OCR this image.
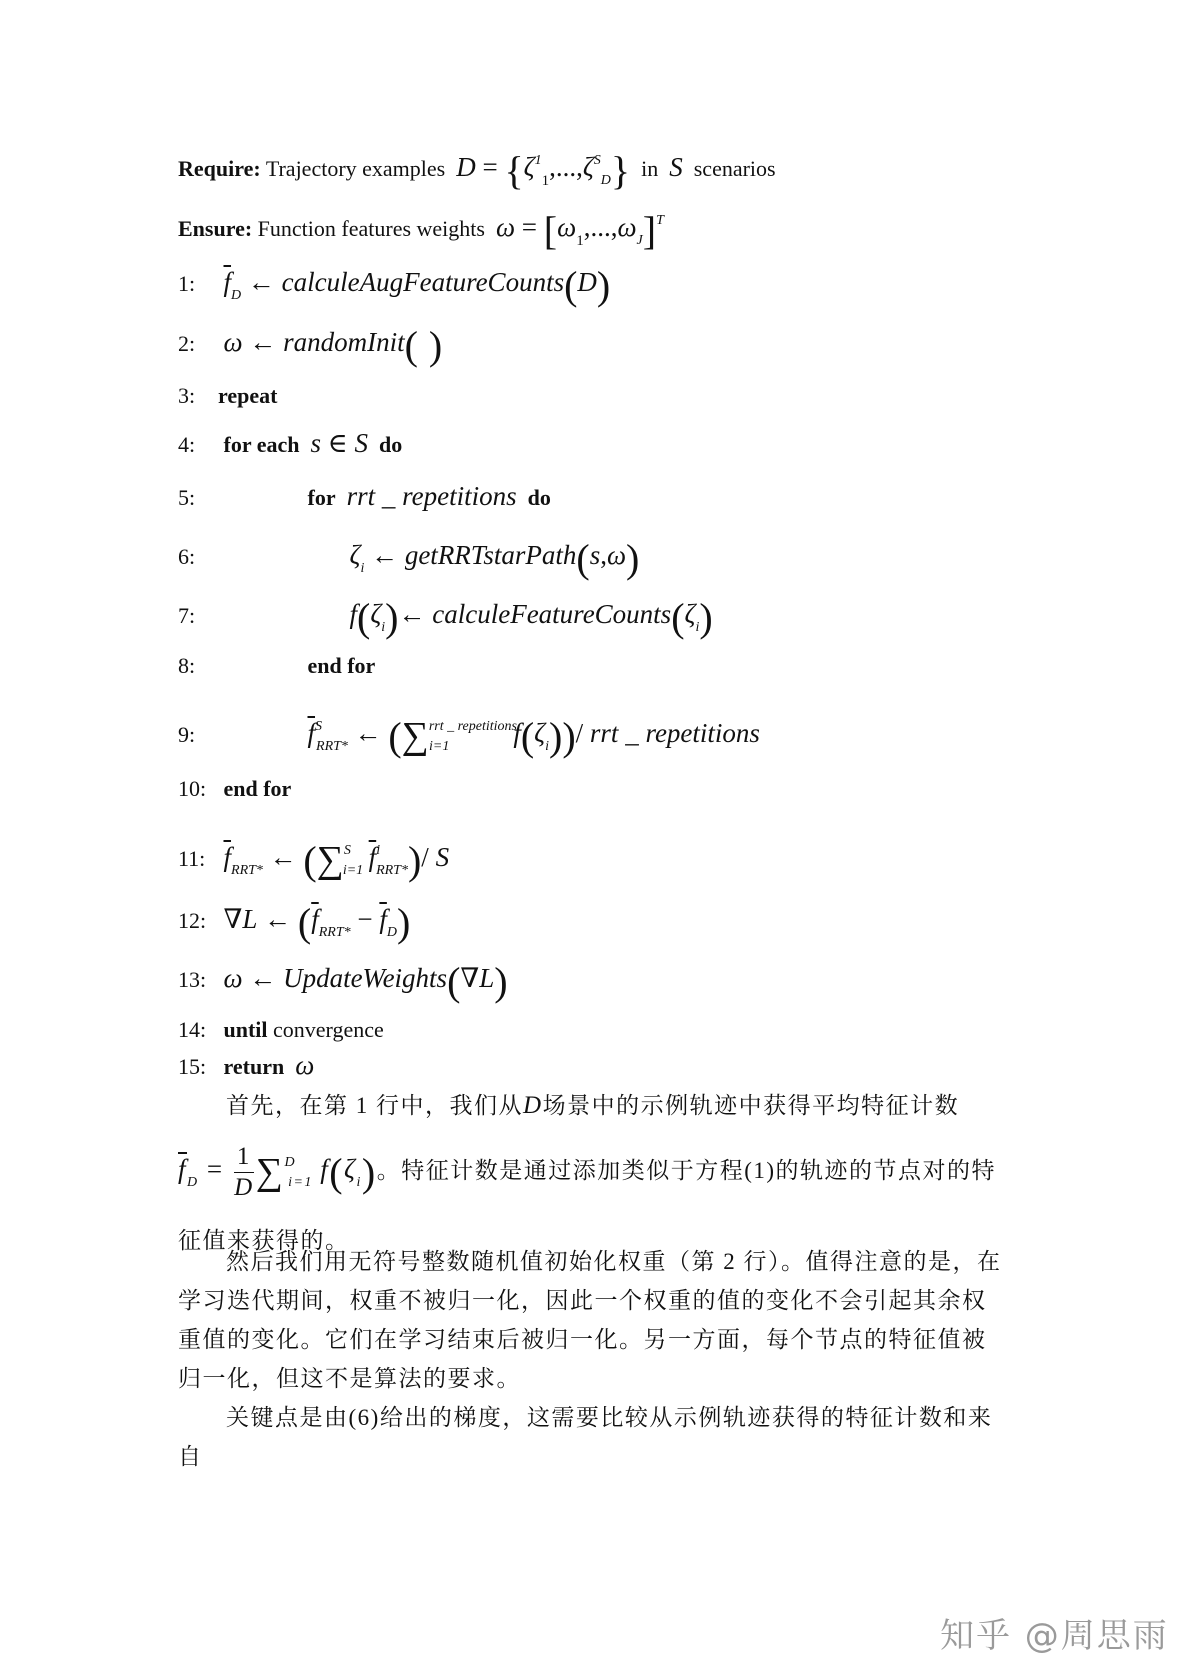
Require: Trajectory examples $D = \{\zeta^1_1,...,\zeta^S_D\}$ in S scenarios
Ensure: Function features weights $\omega = [\omega_1,...,\omega_J]^T$
1: $\overline{f}_D$ ← calculeAugFeatureCounts(D)
2: ω ← randomInit( )
3: repeat
4: for each s ∈ S do
5:	for rrt _ repetitions do
6:	$\zeta_i$ ← getRRTstarPath(s,ω)
7:	$f(\zeta_i)\leftarrow$ $calculeFeatureCounts(\zeta_i)$
8:	end for
9:	$\overline{f}^S_{RRT*}$ ← (∑$^{rrt \_ repetitions}_{i=1}$ $f(\zeta_i))/$ rrt _ repetitions
10: end for
11: $\overline{f}_{RRT*}$ ← (∑$^S_{i=1}$ $\overline{f}^i_{RRT*})/$ S
12: ∇L ← $(\overline{f}_{RRT*} - \overline{f}_D)$
13: ω ← UpdateWeights(∇L)
14: until convergence
15: return ω
首先，在第 1 行中，我们从D场景中的示例轨迹中获得平均特征计数
$\overline{f}_D = \frac{1}{D} \sum^D_{i=1}$ $f(\zeta_i)$。特征计数是通过添加类似于方程(1)的轨迹的节点对的特征值来获得的。
然后我们用无符号整数随机值初始化权重（第 2 行）。值得注意的是，在学习迭代期间，权重不被归一化，因此一个权重的值的变化不会引起其余权重值的变化。它们在学习结束后被归一化。另一方面，每个节点的特征值被归一化，但这不是算法的要求。
关键点是由(6)给出的梯度，这需要比较从示例轨迹获得的特征计数和来自
知乎 @周思雨
